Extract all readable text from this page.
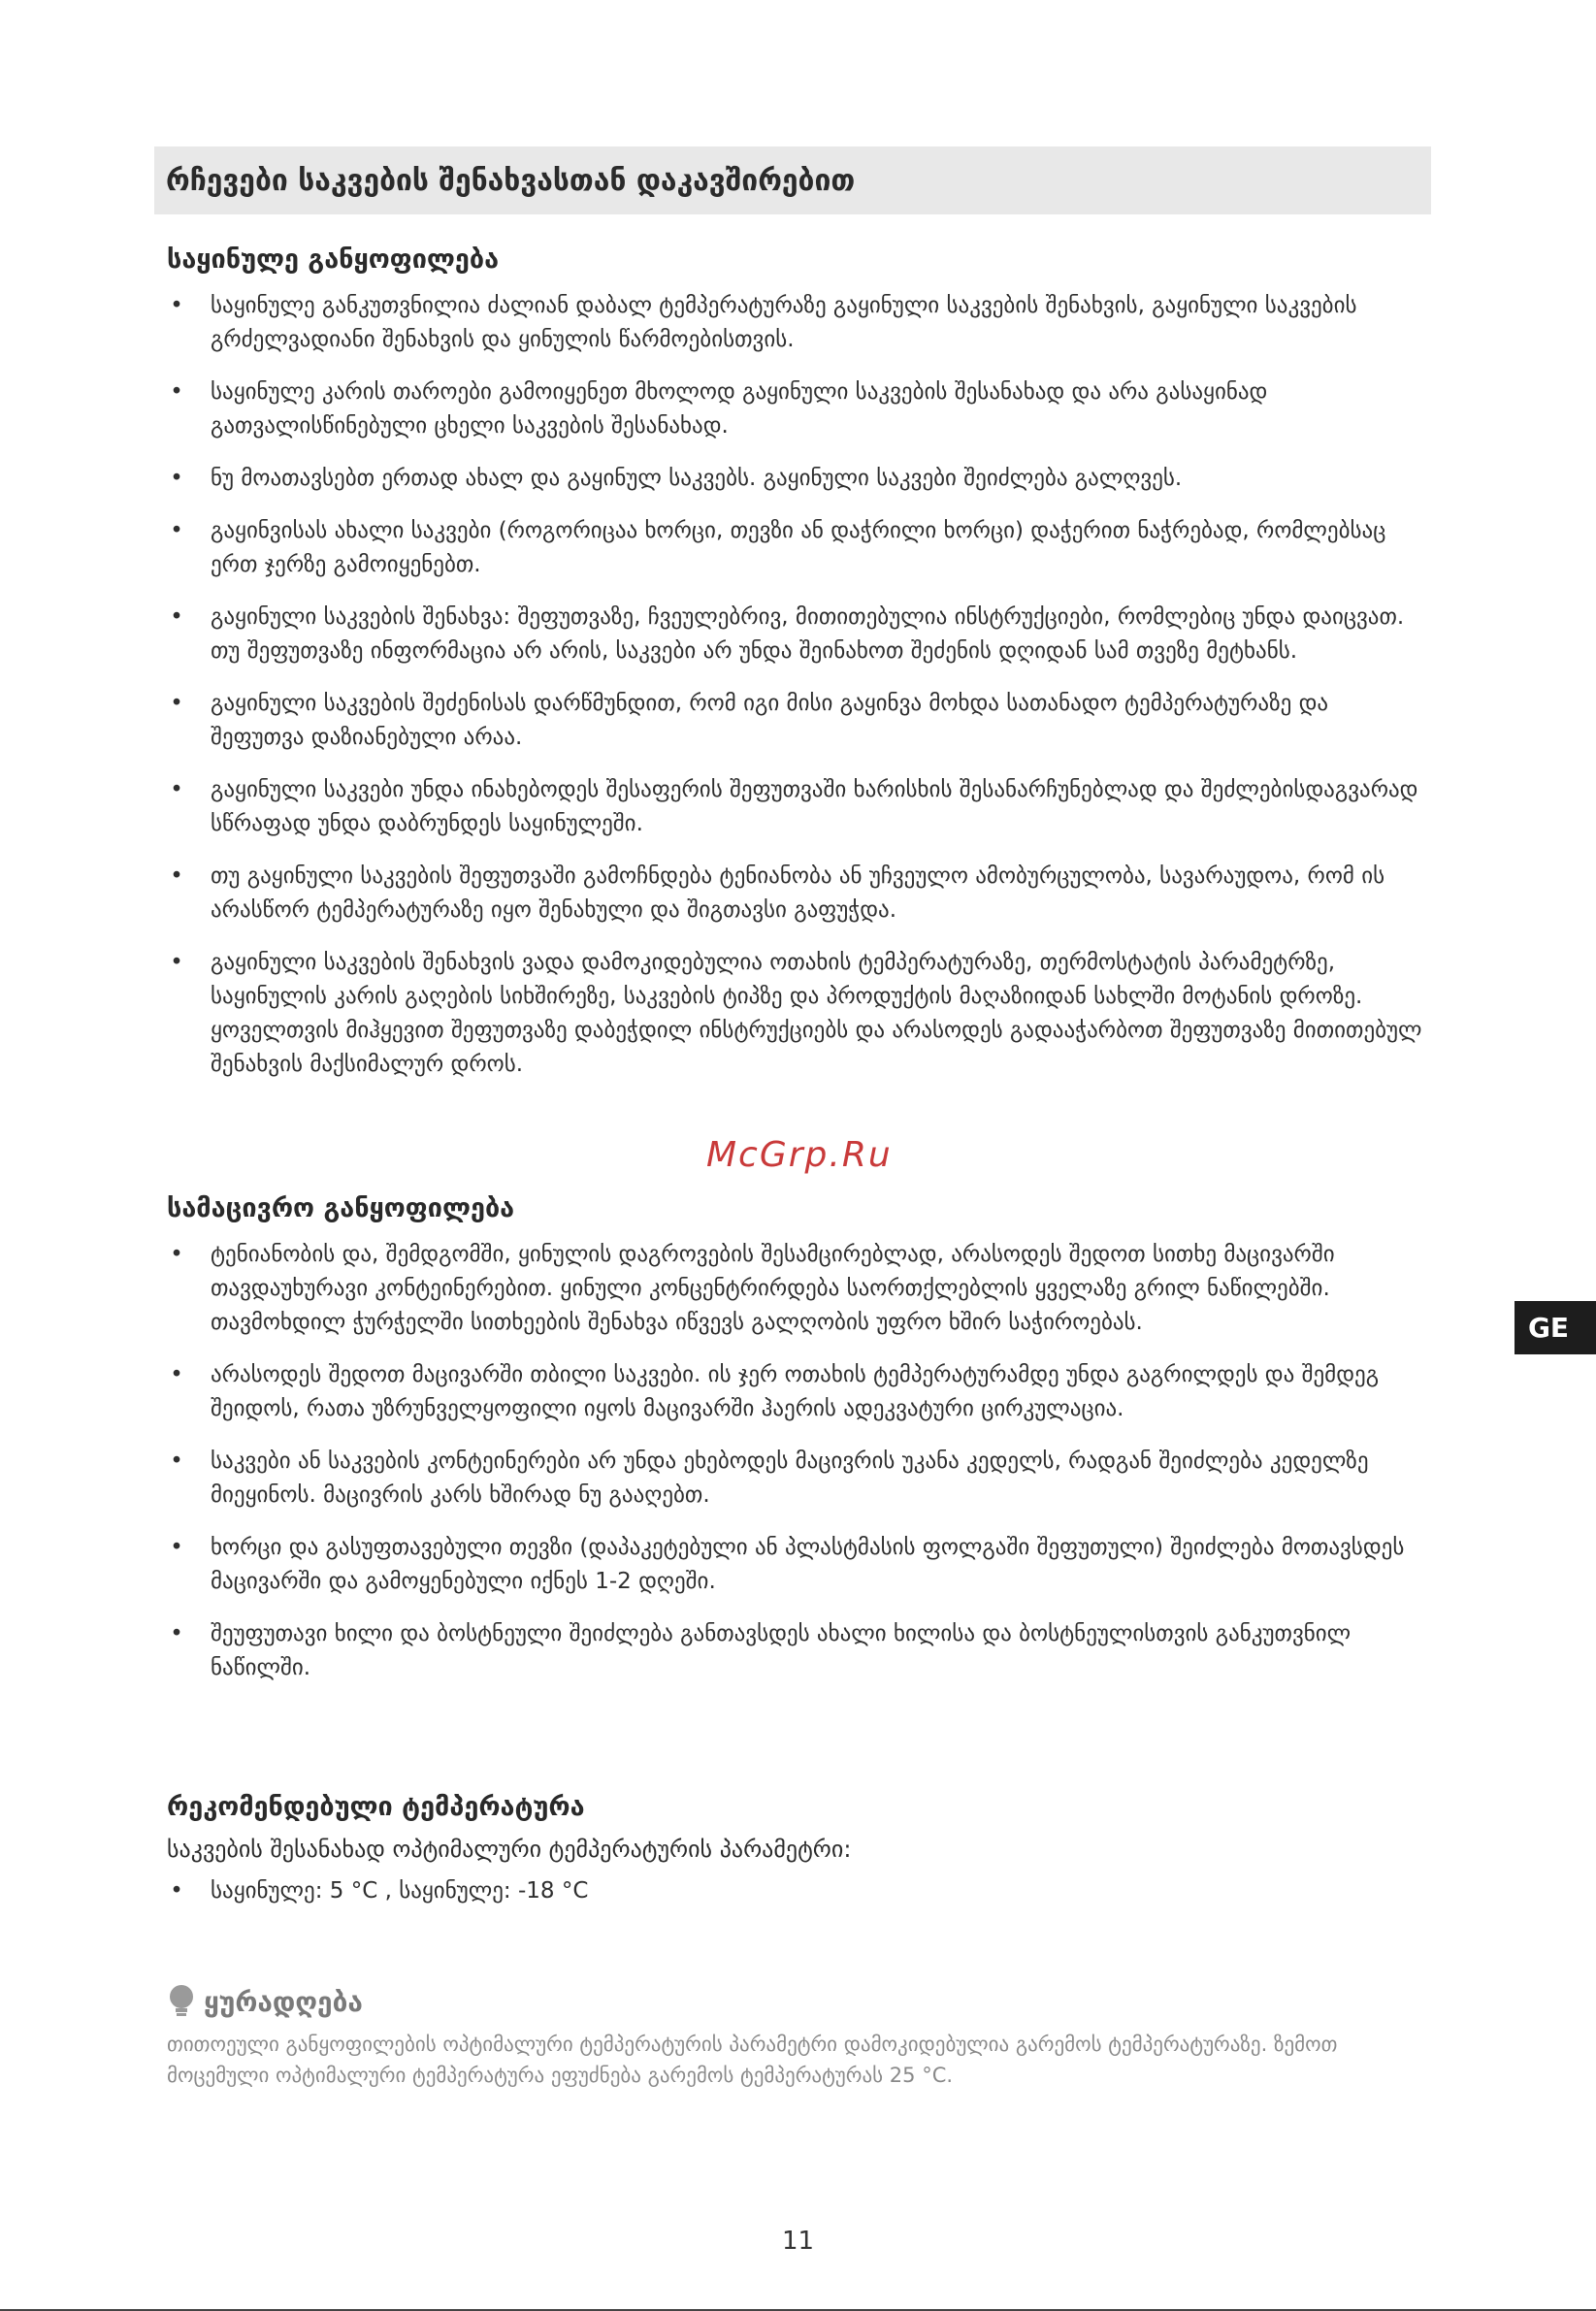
რჩევები საკვების შენახვასთან დაკავშირებით
საყინულე განყოფილება
• საყინულე განკუთვნილია ძალიან დაბალ ტემპერატურაზე გაყინული საკვების შენახვის, გაყინული საკვების გრძელვადიანი შენახვის და ყინულის წარმოებისთვის.
• საყინულე კარის თაროები გამოიყენეთ მხოლოდ გაყინული საკვების შესანახად და არა გასაყინად გათვალისწინებული ცხელი საკვების შესანახად.
• ნუ მოათავსებთ ერთად ახალ და გაყინულ საკვებს. გაყინული საკვები შეიძლება გალღვეს.
• გაყინვისას ახალი საკვები (როგორიცაა ხორცი, თევზი ან დაჭრილი ხორცი) დაჭერით ნაჭრებად, რომლებსაც ერთ ჯერზე გამოიყენებთ.
• გაყინული საკვების შენახვა: შეფუთვაზე, ჩვეულებრივ, მითითებულია ინსტრუქციები, რომლებიც უნდა დაიცვათ. თუ შეფუთვაზე ინფორმაცია არ არის, საკვები არ უნდა შეინახოთ შეძენის დღიდან სამ თვეზე მეტხანს.
• გაყინული საკვების შეძენისას დარწმუნდით, რომ იგი მისი გაყინვა მოხდა სათანადო ტემპერატურაზე და შეფუთვა დაზიანებული არაა.
• გაყინული საკვები უნდა ინახებოდეს შესაფერის შეფუთვაში ხარისხის შესანარჩუნებლად და შეძლებისდაგვარად სწრაფად უნდა დაბრუნდეს საყინულეში.
• თუ გაყინული საკვების შეფუთვაში გამოჩნდება ტენიანობა ან უჩვეულო ამობურცულობა, სავარაუდოა, რომ ის არასწორ ტემპერატურაზე იყო შენახული და შიგთავსი გაფუჭდა.
• გაყინული საკვების შენახვის ვადა დამოკიდებულია ოთახის ტემპერატურაზე, თერმოსტატის პარამეტრზე, საყინულის კარის გაღების სიხშირეზე, საკვების ტიპზე და პროდუქტის მაღაზიიდან სახლში მოტანის დროზე. ყოველთვის მიჰყევით შეფუთვაზე დაბეჭდილ ინსტრუქციებს და არასოდეს გადააჭარბოთ შეფუთვაზე მითითებულ შენახვის მაქსიმალურ დროს.
McGrp.Ru
სამაცივრო განყოფილება
• ტენიანობის და, შემდგომში, ყინულის დაგროვების შესამცირებლად, არასოდეს შედოთ სითხე მაცივარში თავდაუხურავი კონტეინერებით. ყინული კონცენტრირდება საორთქლებლის ყველაზე გრილ ნაწილებში. თავმოხდილ ჭურჭელში სითხეების შენახვა იწვევს გალღობის უფრო ხშირ საჭიროებას.
• არასოდეს შედოთ მაცივარში თბილი საკვები. ის ჯერ ოთახის ტემპერატურამდე უნდა გაგრილდეს და შემდეგ შეიდოს, რათა უზრუნველყოფილი იყოს მაცივარში ჰაერის ადეკვატური ცირკულაცია.
• საკვები ან საკვების კონტეინერები არ უნდა ეხებოდეს მაცივრის უკანა კედელს, რადგან შეიძლება კედელზე მიეყინოს. მაცივრის კარს ხშირად ნუ გააღებთ.
• ხორცი და გასუფთავებული თევზი (დაპაკეტებული ან პლასტმასის ფოლგაში შეფუთული) შეიძლება მოთავსდეს მაცივარში და გამოყენებული იქნეს 1-2 დღეში.
• შეუფუთავი ხილი და ბოსტნეული შეიძლება განთავსდეს ახალი ხილისა და ბოსტნეულისთვის განკუთვნილ ნაწილში.
GE
რეკომენდებული ტემპერატურა

საკვების შესანახად ოპტიმალური ტემპერატურის პარამეტრი:

• საყინულე: 5 °C , საყინულე: -18 °C
ყურადღება
თითოეული განყოფილების ოპტიმალური ტემპერატურის პარამეტრი დამოკიდებულია გარემოს ტემპერატურაზე. ზემოთ მოცემული ოპტიმალური ტემპერატურა ეფუძნება გარემოს ტემპერატურას 25 °C.
11
